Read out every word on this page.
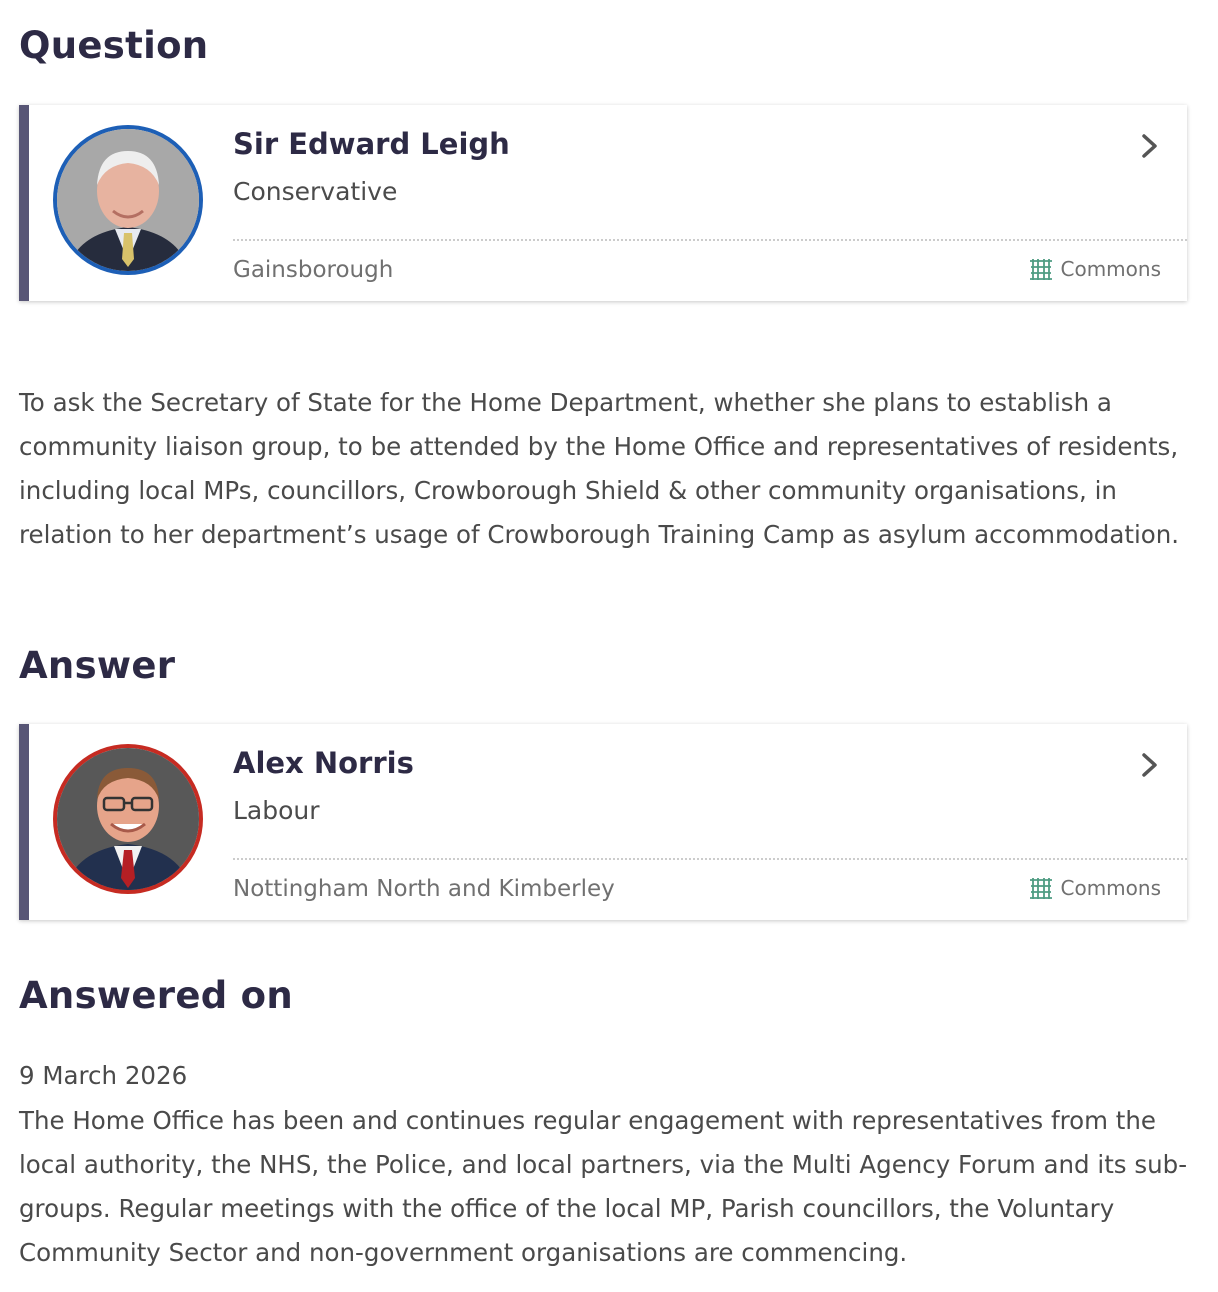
Question
Sir Edward Leigh
Conservative
Gainsborough	Commons

To ask the Secretary of State for the Home Department, whether she plans to establish a community liaison group, to be attended by the Home Office and representatives of residents, including local MPs, councillors, Crowborough Shield & other community organisations, in relation to her department’s usage of Crowborough Training Camp as asylum accommodation.

Answer
Alex Norris
Labour
Nottingham North and Kimberley	Commons
Answered on
9 March 2026

The Home Office has been and continues regular engagement with representatives from the local authority, the NHS, the Police, and local partners, via the Multi Agency Forum and its sub-groups. Regular meetings with the office of the local MP, Parish councillors, the Voluntary Community Sector and non-government organisations are commencing.
